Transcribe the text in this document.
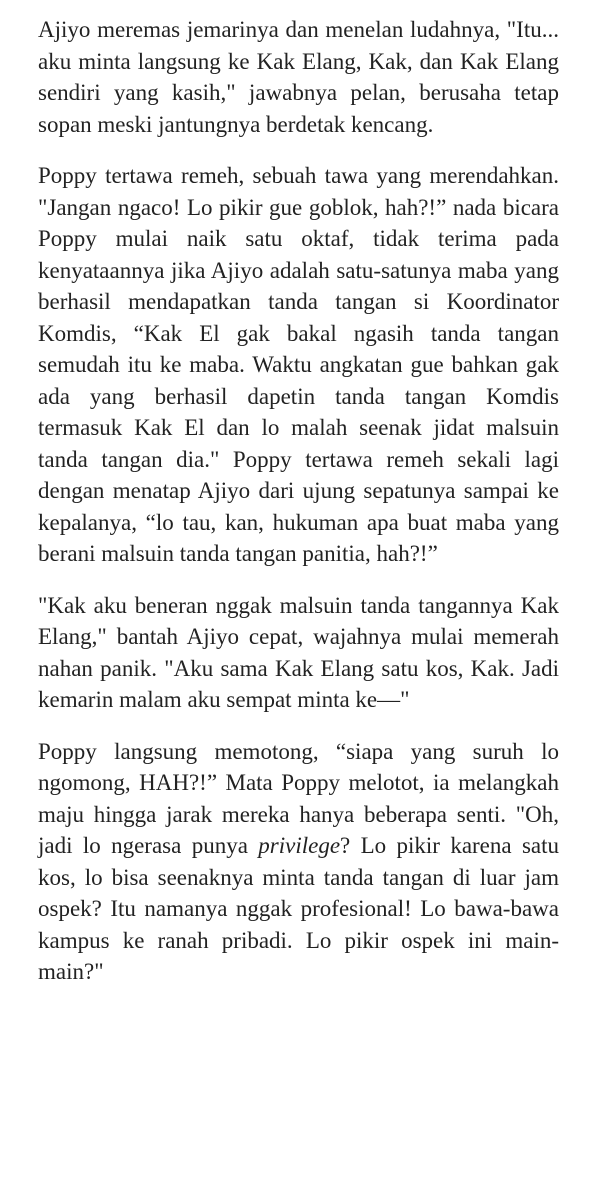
Ajiyo meremas jemarinya dan menelan ludahnya, "Itu... aku minta langsung ke Kak Elang, Kak, dan Kak Elang sendiri yang kasih," jawabnya pelan, berusaha tetap sopan meski jantungnya berdetak kencang.

Poppy tertawa remeh, sebuah tawa yang merendahkan. "Jangan ngaco! Lo pikir gue goblok, hah?!” nada bicara Poppy mulai naik satu oktaf, tidak terima pada kenyataannya jika Ajiyo adalah satu-satunya maba yang berhasil mendapatkan tanda tangan si Koordinator Komdis, “Kak El gak bakal ngasih tanda tangan semudah itu ke maba. Waktu angkatan gue bahkan gak ada yang berhasil dapetin tanda tangan Komdis termasuk Kak El dan lo malah seenak jidat malsuin tanda tangan dia." Poppy tertawa remeh sekali lagi dengan menatap Ajiyo dari ujung sepatunya sampai ke kepalanya, “lo tau, kan, hukuman apa buat maba yang berani malsuin tanda tangan panitia, hah?!”

"Kak aku beneran nggak malsuin tanda tangannya Kak Elang," bantah Ajiyo cepat, wajahnya mulai memerah nahan panik. "Aku sama Kak Elang satu kos, Kak. Jadi kemarin malam aku sempat minta ke—"

Poppy langsung memotong, “siapa yang suruh lo ngomong, HAH?!” Mata Poppy melotot, ia melangkah maju hingga jarak mereka hanya beberapa senti. "Oh, jadi lo ngerasa punya privilege? Lo pikir karena satu kos, lo bisa seenaknya minta tanda tangan di luar jam ospek? Itu namanya nggak profesional! Lo bawa-bawa kampus ke ranah pribadi. Lo pikir ospek ini main-main?"
